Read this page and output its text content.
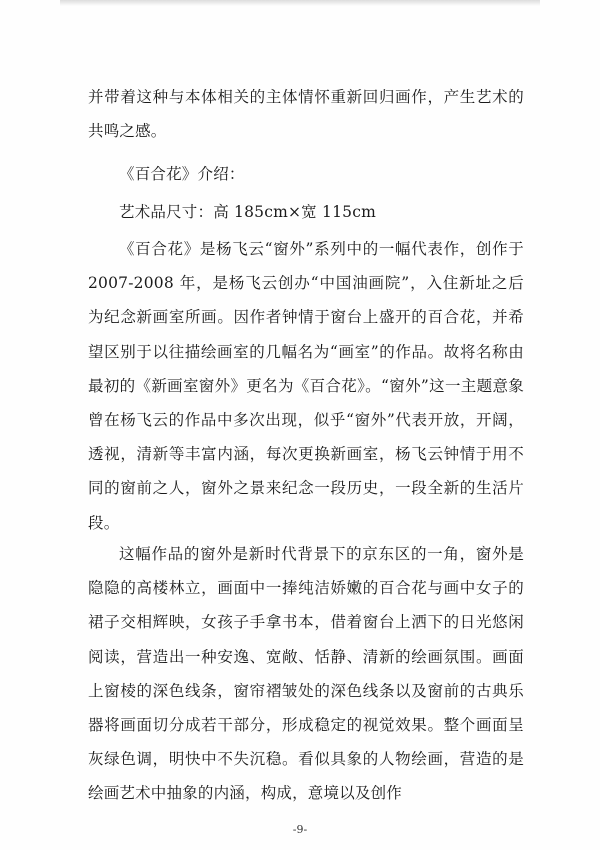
并带着这种与本体相关的主体情怀重新回归画作，产生艺术的共鸣之感。

《百合花》介绍：

艺术品尺寸：高 185cm×宽 115cm

《百合花》是杨飞云“窗外”系列中的一幅代表作，创作于 2007-2008 年，是杨飞云创办“中国油画院”，入住新址之后为纪念新画室所画。因作者钟情于窗台上盛开的百合花，并希望区别于以往描绘画室的几幅名为“画室”的作品。故将名称由最初的《新画室窗外》更名为《百合花》。“窗外”这一主题意象曾在杨飞云的作品中多次出现，似乎“窗外”代表开放，开阔，透视，清新等丰富内涵，每次更换新画室，杨飞云钟情于用不同的窗前之人，窗外之景来纪念一段历史，一段全新的生活片段。

这幅作品的窗外是新时代背景下的京东区的一角，窗外是隐隐的高楼林立，画面中一捧纯洁娇嫩的百合花与画中女子的裙子交相辉映，女孩子手拿书本，借着窗台上洒下的日光悠闲阅读，营造出一种安逸、宽敞、恬静、清新的绘画氛围。画面上窗棱的深色线条，窗帘褶皱处的深色线条以及窗前的古典乐器将画面切分成若干部分，形成稳定的视觉效果。整个画面呈灰绿色调，明快中不失沉稳。看似具象的人物绘画，营造的是绘画艺术中抽象的内涵，构成，意境以及创作

-9-
